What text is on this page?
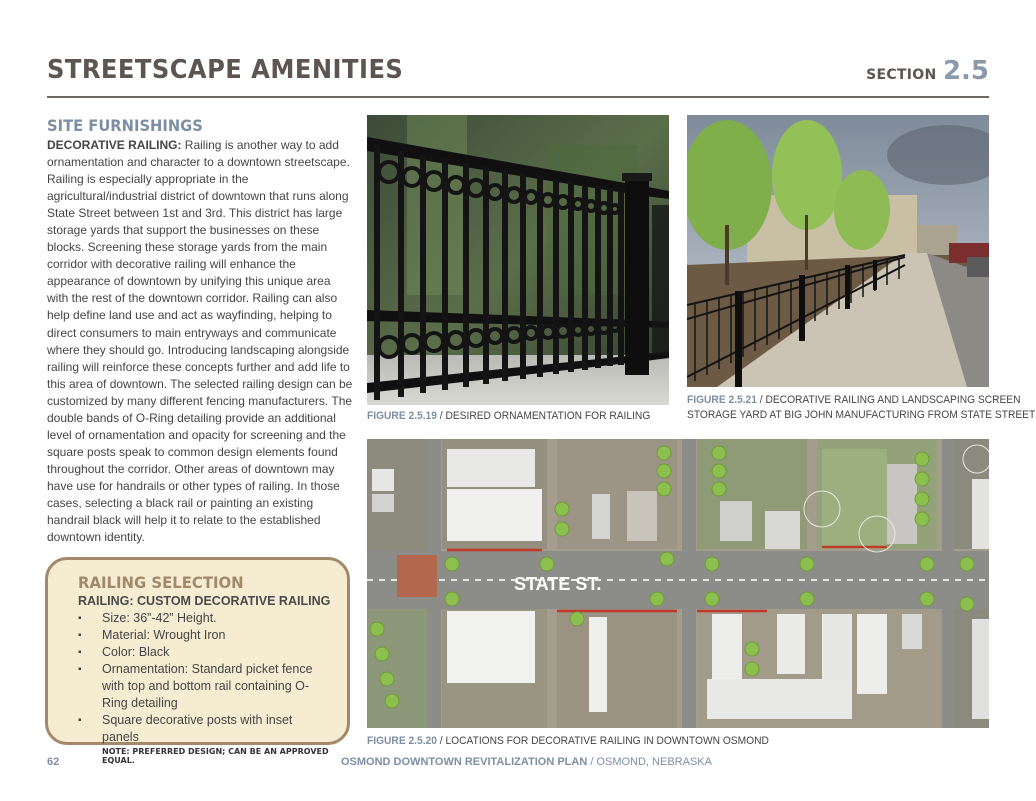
STREETSCAPE AMENITIES	SECTION 2.5
SITE FURNISHINGS
DECORATIVE RAILING: Railing is another way to add ornamentation and character to a downtown streetscape. Railing is especially appropriate in the agricultural/industrial district of downtown that runs along State Street between 1st and 3rd. This district has large storage yards that support the businesses on these blocks. Screening these storage yards from the main corridor with decorative railing will enhance the appearance of downtown by unifying this unique area with the rest of the downtown corridor. Railing can also help define land use and act as wayfinding, helping to direct consumers to main entryways and communicate where they should go. Introducing landscaping alongside railing will reinforce these concepts further and add life to this area of downtown. The selected railing design can be customized by many different fencing manufacturers. The double bands of O-Ring detailing provide an additional level of ornamentation and opacity for screening and the square posts speak to common design elements found throughout the corridor. Other areas of downtown may have use for handrails or other types of railing. In those cases, selecting a black rail or painting an existing handrail black will help it to relate to the established downtown identity.
RAILING SELECTION
RAILING: CUSTOM DECORATIVE RAILING
▪ Size: 36”-42” Height.
▪ Material: Wrought Iron
▪ Color: Black
▪ Ornamentation: Standard picket fence with top and bottom rail containing O-Ring detailing
▪ Square decorative posts with inset panels
NOTE: PREFERRED DESIGN; CAN BE AN APPROVED EQUAL.
FIGURE 2.5.19 / DESIRED ORNAMENTATION FOR RAILING
FIGURE 2.5.21 / DECORATIVE RAILING AND LANDSCAPING SCREEN
STORAGE YARD AT BIG JOHN MANUFACTURING FROM STATE STREET
STATE ST.
FIGURE 2.5.20 / LOCATIONS FOR DECORATIVE RAILING IN DOWNTOWN OSMOND
62	OSMOND DOWNTOWN REVITALIZATION PLAN / OSMOND, NEBRASKA
